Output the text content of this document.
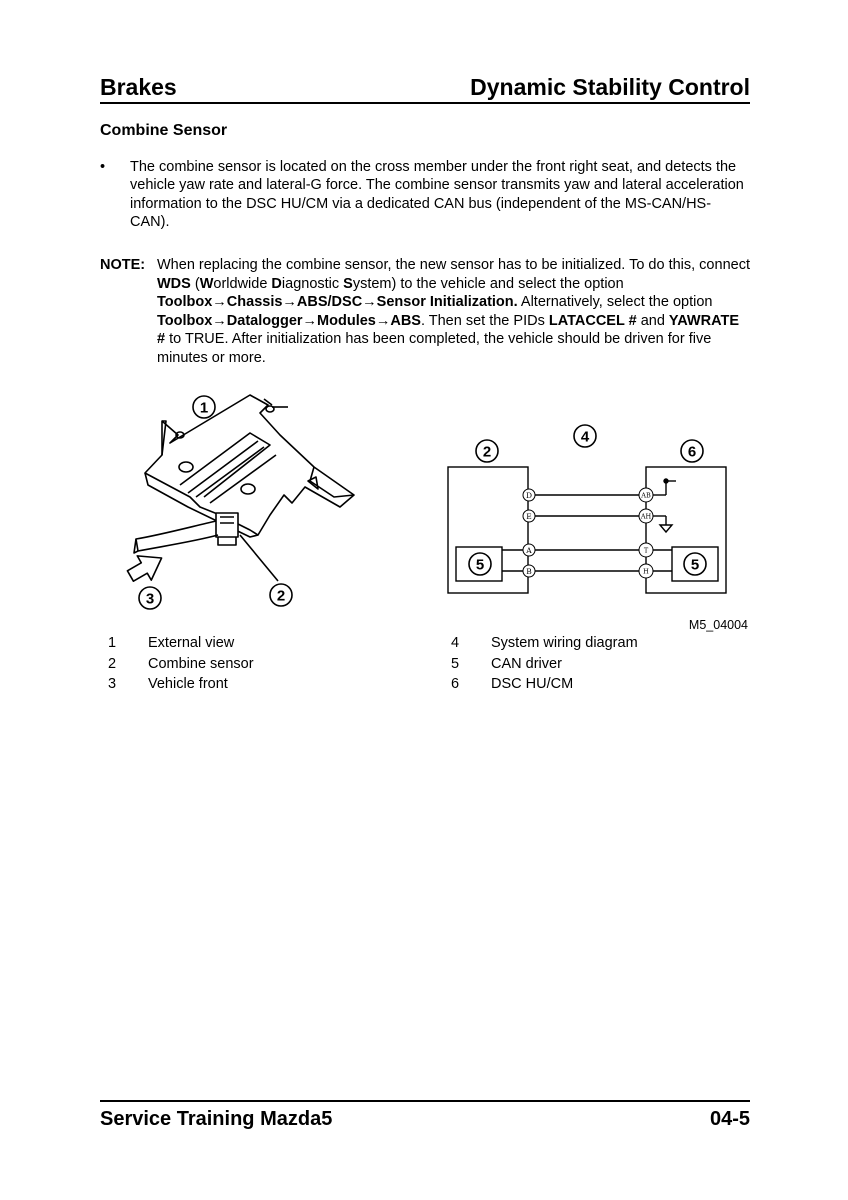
Brakes	Dynamic Stability Control
Combine Sensor
• The combine sensor is located on the cross member under the front right seat, and detects the vehicle yaw rate and lateral-G force. The combine sensor transmits yaw and lateral acceleration information to the DSC HU/CM via a dedicated CAN bus (independent of the MS-CAN/HS-CAN).
NOTE: When replacing the combine sensor, the new sensor has to be initialized. To do this, connect WDS (Worldwide Diagnostic System) to the vehicle and select the option Toolbox→Chassis→ABS/DSC→Sensor Initialization. Alternatively, select the option Toolbox→Datalogger→Modules→ABS. Then set the PIDs LATACCEL # and YAWRATE # to TRUE. After initialization has been completed, the vehicle should be driven for five minutes or more.
1
2
3
D
E
A
B
AB
AH
T
H
4
2	6
5	5
M5_04004
1	External view
2	Combine sensor
3	Vehicle front
4	System wiring diagram
5	CAN driver
6	DSC HU/CM
Service Training Mazda5	04-5
